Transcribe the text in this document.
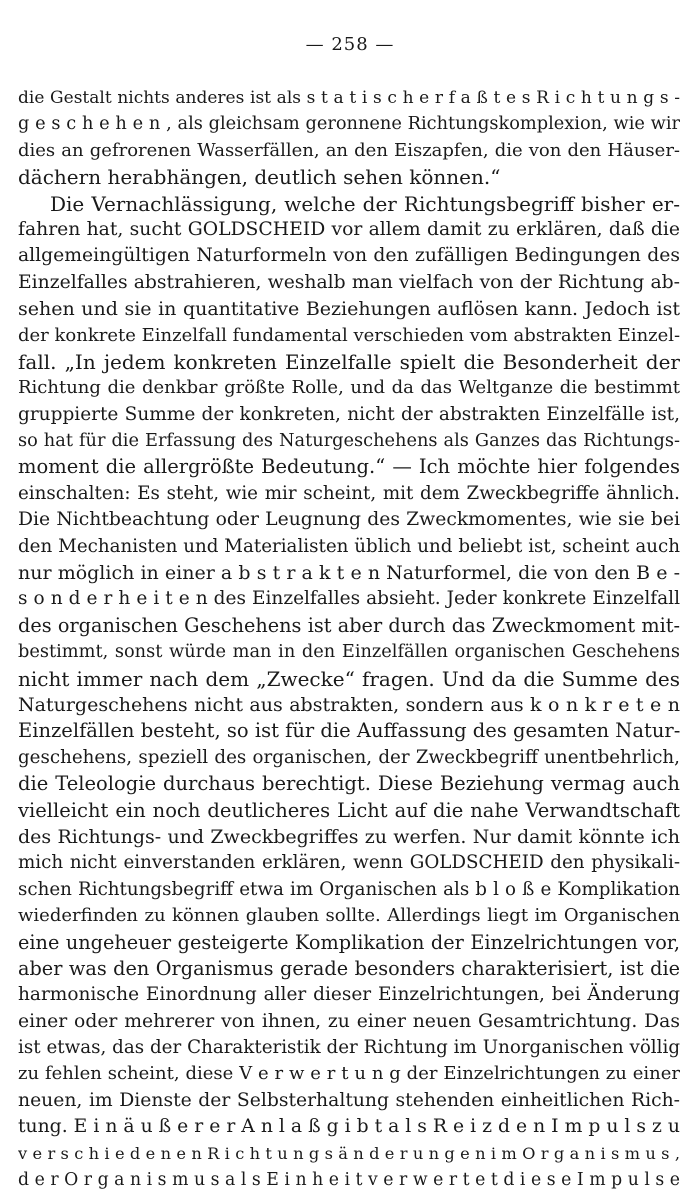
— 258 —
die Gestalt nichts anderes ist als s t a t i s c h e r f a ß t e s R i c h t u n g s -
g e s c h e h e n , als gleichsam geronnene Richtungskomplexion, wie wir
dies an gefrorenen Wasserfällen, an den Eiszapfen, die von den Häuser-
dächern herabhängen, deutlich sehen können.“
Die Vernachlässigung, welche der Richtungsbegriff bisher er-
fahren hat, sucht GOLDSCHEID vor allem damit zu erklären, daß die
allgemeingültigen Naturformeln von den zufälligen Bedingungen des
Einzelfalles abstrahieren, weshalb man vielfach von der Richtung ab-
sehen und sie in quantitative Beziehungen auflösen kann. Jedoch ist
der konkrete Einzelfall fundamental verschieden vom abstrakten Einzel-
fall. „In jedem konkreten Einzelfalle spielt die Besonderheit der
Richtung die denkbar größte Rolle, und da das Weltganze die bestimmt
gruppierte Summe der konkreten, nicht der abstrakten Einzelfälle ist,
so hat für die Erfassung des Naturgeschehens als Ganzes das Richtungs-
moment die allergrößte Bedeutung.“ — Ich möchte hier folgendes
einschalten: Es steht, wie mir scheint, mit dem Zweckbegriffe ähnlich.
Die Nichtbeachtung oder Leugnung des Zweckmomentes, wie sie bei
den Mechanisten und Materialisten üblich und beliebt ist, scheint auch
nur möglich in einer a b s t r a k t e n Naturformel, die von den B e -
s o n d e r h e i t e n des Einzelfalles absieht. Jeder konkrete Einzelfall
des organischen Geschehens ist aber durch das Zweckmoment mit-
bestimmt, sonst würde man in den Einzelfällen organischen Geschehens
nicht immer nach dem „Zwecke“ fragen. Und da die Summe des
Naturgeschehens nicht aus abstrakten, sondern aus k o n k r e t e n
Einzelfällen besteht, so ist für die Auffassung des gesamten Natur-
geschehens, speziell des organischen, der Zweckbegriff unentbehrlich,
die Teleologie durchaus berechtigt. Diese Beziehung vermag auch
vielleicht ein noch deutlicheres Licht auf die nahe Verwandtschaft
des Richtungs- und Zweckbegriffes zu werfen. Nur damit könnte ich
mich nicht einverstanden erklären, wenn GOLDSCHEID den physikali-
schen Richtungsbegriff etwa im Organischen als b l o ß e Komplikation
wiederfinden zu können glauben sollte. Allerdings liegt im Organischen
eine ungeheuer gesteigerte Komplikation der Einzelrichtungen vor,
aber was den Organismus gerade besonders charakterisiert, ist die
harmonische Einordnung aller dieser Einzelrichtungen, bei Änderung
einer oder mehrerer von ihnen, zu einer neuen Gesamtrichtung. Das
ist etwas, das der Charakteristik der Richtung im Unorganischen völlig
zu fehlen scheint, diese V e r w e r t u n g der Einzelrichtungen zu einer
neuen, im Dienste der Selbsterhaltung stehenden einheitlichen Rich-
tung. E i n ä u ß e r e r A n l a ß g i b t a l s R e i z d e n I m p u l s z u
v e r s c h i e d e n e n R i c h t u n g s ä n d e r u n g e n i m O r g a n i s m u s ,
d e r O r g a n i s m u s a l s E i n h e i t v e r w e r t e t d i e s e I m p u l s e
